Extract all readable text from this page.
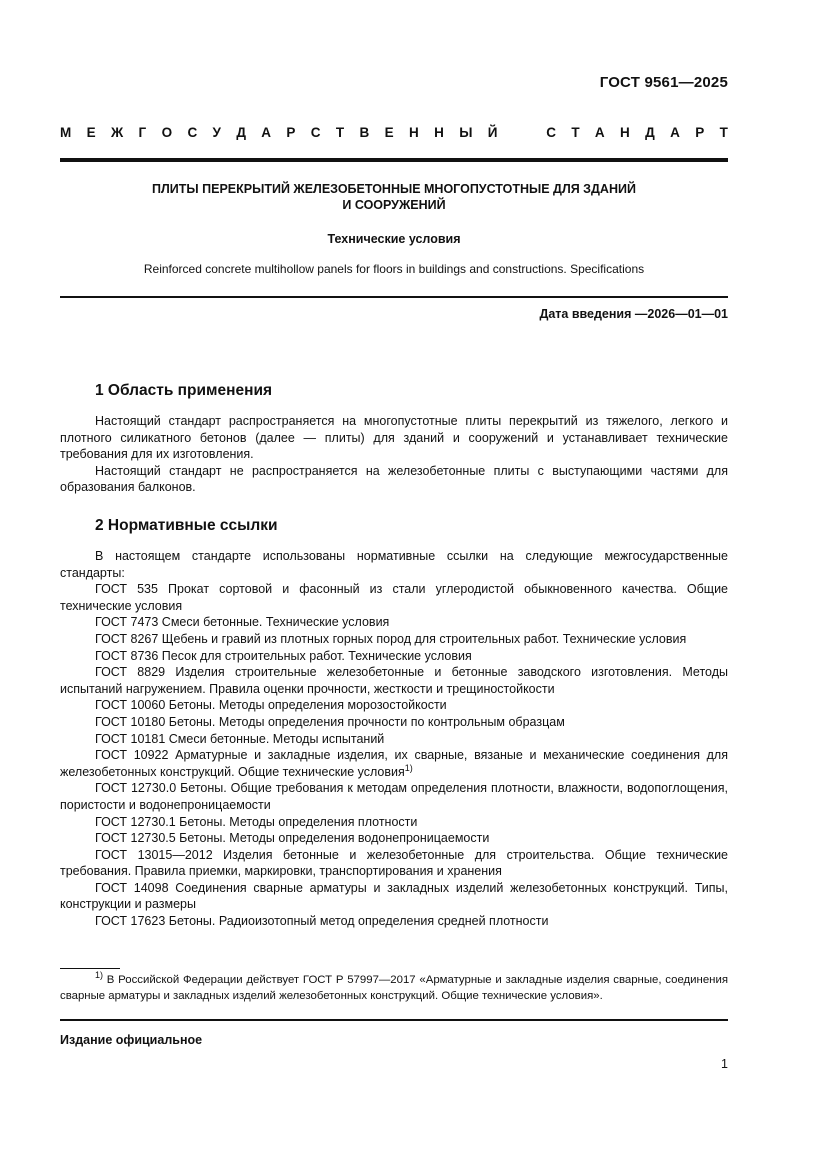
ГОСТ 9561—2025
М Е Ж Г О С У Д А Р С Т В Е Н Н Ы Й	С Т А Н Д А Р Т
ПЛИТЫ ПЕРЕКРЫТИЙ ЖЕЛЕЗОБЕТОННЫЕ МНОГОПУСТОТНЫЕ ДЛЯ ЗДАНИЙ
И СООРУЖЕНИЙ
Технические условия
Reinforced concrete multihollow panels for floors in buildings and constructions. Specifications
Дата введения —2026—01—01
1 Область применения

Настоящий стандарт распространяется на многопустотные плиты перекрытий из тяжелого, легкого и плотного силикатного бетонов (далее — плиты) для зданий и сооружений и устанавливает технические требования для их изготовления.

Настоящий стандарт не распространяется на железобетонные плиты с выступающими частями для образования балконов.

2 Нормативные ссылки

В настоящем стандарте использованы нормативные ссылки на следующие межгосударственные стандарты:

ГОСТ 535 Прокат сортовой и фасонный из стали углеродистой обыкновенного качества. Общие технические условия

ГОСТ 7473 Смеси бетонные. Технические условия

ГОСТ 8267 Щебень и гравий из плотных горных пород для строительных работ. Технические условия

ГОСТ 8736 Песок для строительных работ. Технические условия

ГОСТ 8829 Изделия строительные железобетонные и бетонные заводского изготовления. Методы испытаний нагружением. Правила оценки прочности, жесткости и трещиностойкости

ГОСТ 10060 Бетоны. Методы определения морозостойкости

ГОСТ 10180 Бетоны. Методы определения прочности по контрольным образцам

ГОСТ 10181 Смеси бетонные. Методы испытаний

ГОСТ 10922 Арматурные и закладные изделия, их сварные, вязаные и механические соединения для железобетонных конструкций. Общие технические условия$^{1)}$

ГОСТ 12730.0 Бетоны. Общие требования к методам определения плотности, влажности, водопоглощения, пористости и водонепроницаемости

ГОСТ 12730.1 Бетоны. Методы определения плотности

ГОСТ 12730.5 Бетоны. Методы определения водонепроницаемости

ГОСТ 13015—2012 Изделия бетонные и железобетонные для строительства. Общие технические требования. Правила приемки, маркировки, транспортирования и хранения

ГОСТ 14098 Соединения сварные арматуры и закладных изделий железобетонных конструкций. Типы, конструкции и размеры

ГОСТ 17623 Бетоны. Радиоизотопный метод определения средней плотности

$^{1)}$ В Российской Федерации действует ГОСТ Р 57997—2017 «Арматурные и закладные изделия сварные, соединения сварные арматуры и закладных изделий железобетонных конструкций. Общие технические условия».

Издание официальное
1
